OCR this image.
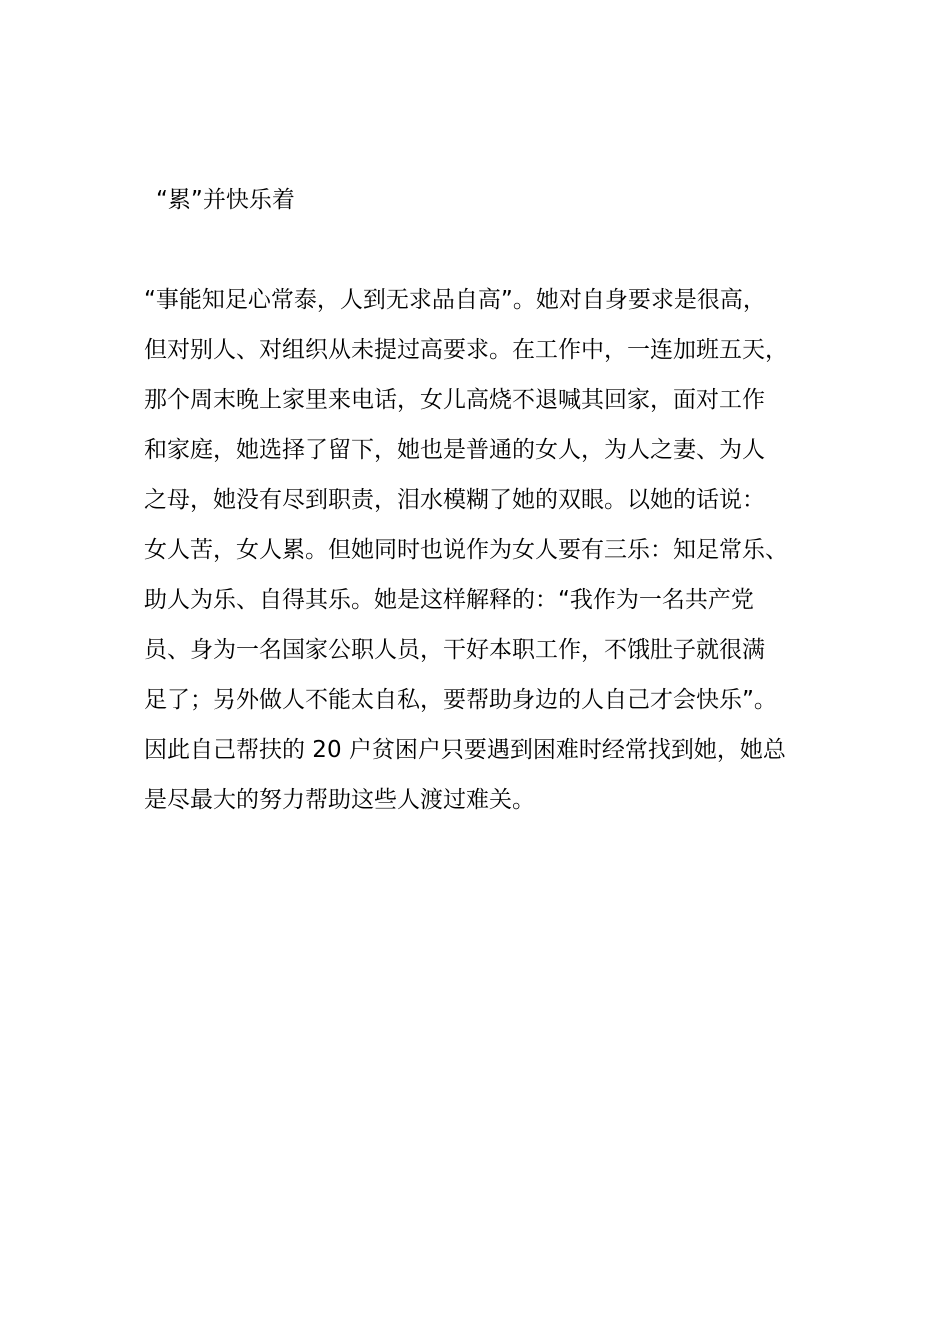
“累”并快乐着
“事能知足心常泰，人到无求品自高”。她对自身要求是很高，
但对别人、对组织从未提过高要求。在工作中，一连加班五天，
那个周末晚上家里来电话，女儿高烧不退喊其回家，面对工作
和家庭，她选择了留下，她也是普通的女人，为人之妻、为人
之母，她没有尽到职责，泪水模糊了她的双眼。以她的话说：
女人苦，女人累。但她同时也说作为女人要有三乐：知足常乐、
助人为乐、自得其乐。她是这样解释的：“我作为一名共产党
员、身为一名国家公职人员，干好本职工作，不饿肚子就很满
足了；另外做人不能太自私，要帮助身边的人自己才会快乐”。
因此自己帮扶的 20 户贫困户只要遇到困难时经常找到她，她总
是尽最大的努力帮助这些人渡过难关。
